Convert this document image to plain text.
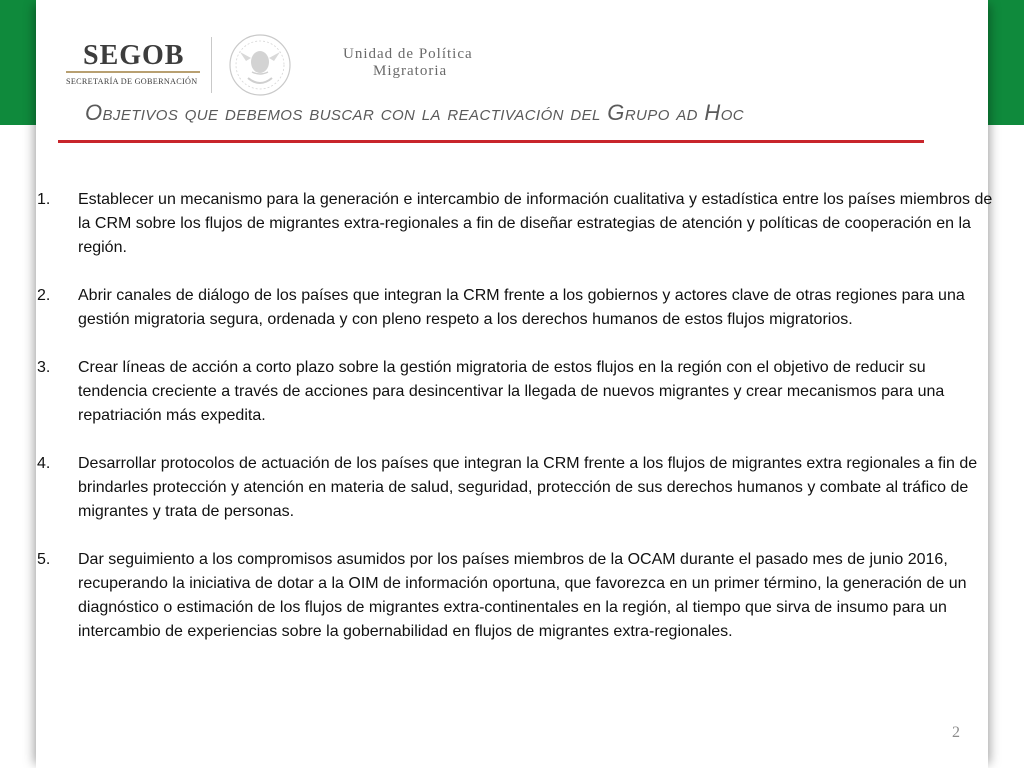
SEGOB
SECRETARÍA DE GOBERNACIÓN
Unidad de Política
Migratoria
Objetivos que debemos buscar con la reactivación del Grupo ad Hoc
1. Establecer un mecanismo para la generación e intercambio de información cualitativa y estadística entre los países miembros de la CRM sobre los flujos de migrantes extra-regionales a fin de diseñar estrategias de atención y políticas de cooperación en la región.
2. Abrir canales de diálogo de los países que integran la CRM frente a los gobiernos y actores clave de otras regiones para una gestión migratoria segura, ordenada y con pleno respeto a los derechos humanos de estos flujos migratorios.
3. Crear líneas de acción a corto plazo sobre la gestión migratoria de estos flujos en la región con el objetivo de reducir su tendencia creciente a través de acciones para desincentivar la llegada de nuevos migrantes y crear mecanismos para una repatriación más expedita.
4. Desarrollar protocolos de actuación de los países que integran la CRM frente a los flujos de migrantes extra regionales a fin de brindarles protección y atención en materia de salud, seguridad, protección de sus derechos humanos y combate al tráfico de migrantes y trata de personas.
5. Dar seguimiento a los compromisos asumidos por los países miembros de la OCAM durante el pasado mes de junio 2016, recuperando la iniciativa de dotar a la OIM de información oportuna, que favorezca en un primer término, la generación de un diagnóstico o estimación de los flujos de migrantes extra-continentales en la región, al tiempo que sirva de insumo para un intercambio de experiencias sobre la gobernabilidad en flujos de migrantes extra-regionales.
2
